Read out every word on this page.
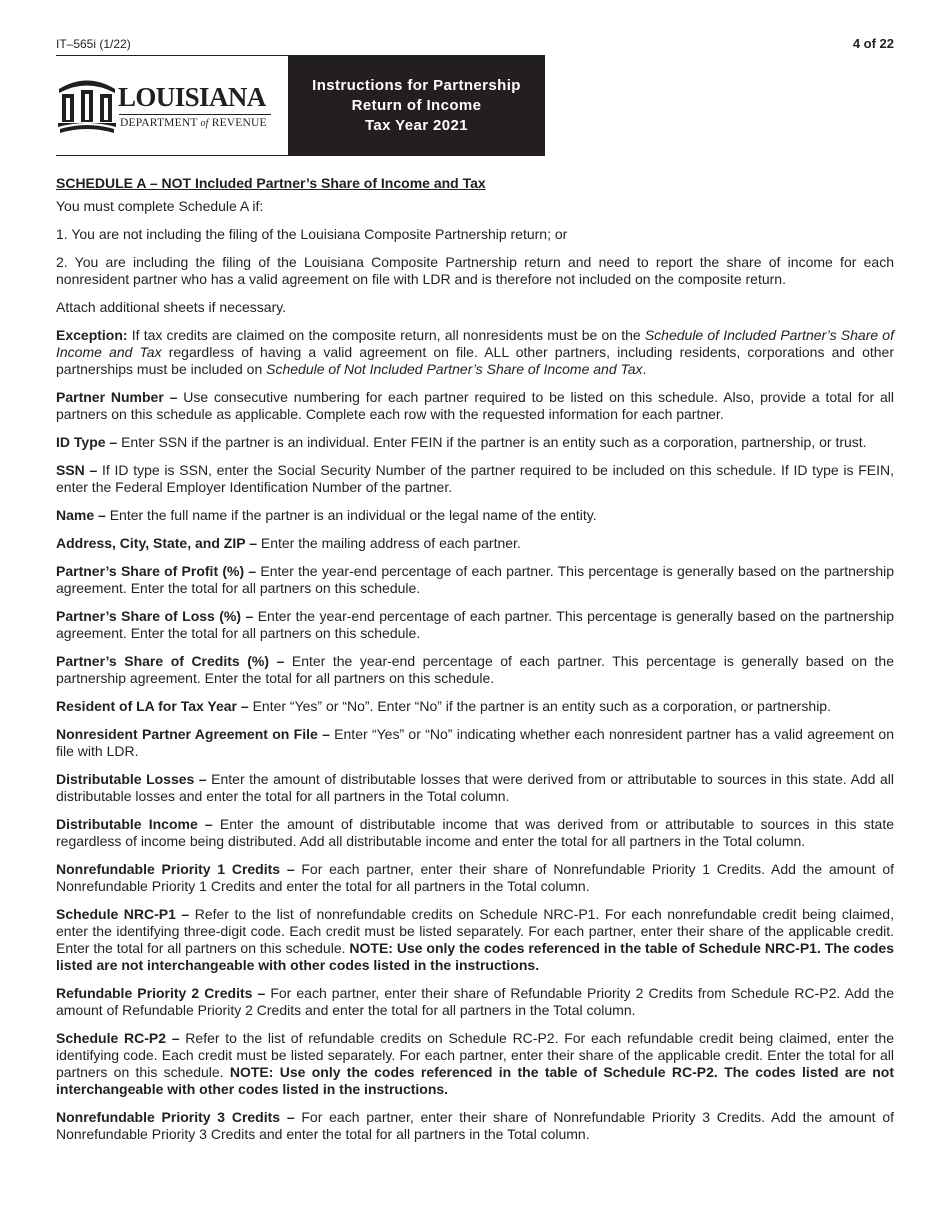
IT–565i (1/22)	4 of 22
LOUISIANA
DEPARTMENT of REVENUE
Instructions for Partnership
Return of Income
Tax Year 2021
SCHEDULE A – NOT Included Partner’s Share of Income and Tax

You must complete Schedule A if:

1. You are not including the filing of the Louisiana Composite Partnership return; or

2. You are including the filing of the Louisiana Composite Partnership return and need to report the share of income for each nonresident partner who has a valid agreement on file with LDR and is therefore not included on the composite return.

Attach additional sheets if necessary.

Exception: If tax credits are claimed on the composite return, all nonresidents must be on the Schedule of Included Partner’s Share of Income and Tax regardless of having a valid agreement on file. ALL other partners, including residents, corporations and other partnerships must be included on Schedule of Not Included Partner’s Share of Income and Tax.

Partner Number – Use consecutive numbering for each partner required to be listed on this schedule. Also, provide a total for all partners on this schedule as applicable. Complete each row with the requested information for each partner.

ID Type – Enter SSN if the partner is an individual. Enter FEIN if the partner is an entity such as a corporation, partnership, or trust.

SSN – If ID type is SSN, enter the Social Security Number of the partner required to be included on this schedule. If ID type is FEIN, enter the Federal Employer Identification Number of the partner.

Name – Enter the full name if the partner is an individual or the legal name of the entity.

Address, City, State, and ZIP – Enter the mailing address of each partner.

Partner’s Share of Profit (%) – Enter the year-end percentage of each partner. This percentage is generally based on the partnership agreement. Enter the total for all partners on this schedule.

Partner’s Share of Loss (%) – Enter the year-end percentage of each partner. This percentage is generally based on the partnership agreement. Enter the total for all partners on this schedule.

Partner’s Share of Credits (%) – Enter the year-end percentage of each partner. This percentage is generally based on the partnership agreement. Enter the total for all partners on this schedule.

Resident of LA for Tax Year – Enter “Yes” or “No”. Enter “No” if the partner is an entity such as a corporation, or partnership.

Nonresident Partner Agreement on File – Enter “Yes” or “No” indicating whether each nonresident partner has a valid agreement on file with LDR.

Distributable Losses – Enter the amount of distributable losses that were derived from or attributable to sources in this state. Add all distributable losses and enter the total for all partners in the Total column.

Distributable Income – Enter the amount of distributable income that was derived from or attributable to sources in this state regardless of income being distributed. Add all distributable income and enter the total for all partners in the Total column.

Nonrefundable Priority 1 Credits – For each partner, enter their share of Nonrefundable Priority 1 Credits. Add the amount of Nonrefundable Priority 1 Credits and enter the total for all partners in the Total column.

Schedule NRC-P1 – Refer to the list of nonrefundable credits on Schedule NRC-P1. For each nonrefundable credit being claimed, enter the identifying three-digit code. Each credit must be listed separately. For each partner, enter their share of the applicable credit. Enter the total for all partners on this schedule. NOTE: Use only the codes referenced in the table of Schedule NRC-P1. The codes listed are not interchangeable with other codes listed in the instructions.

Refundable Priority 2 Credits – For each partner, enter their share of Refundable Priority 2 Credits from Schedule RC-P2. Add the amount of Refundable Priority 2 Credits and enter the total for all partners in the Total column.

Schedule RC-P2 – Refer to the list of refundable credits on Schedule RC-P2. For each refundable credit being claimed, enter the identifying code. Each credit must be listed separately. For each partner, enter their share of the applicable credit. Enter the total for all partners on this schedule. NOTE: Use only the codes referenced in the table of Schedule RC-P2. The codes listed are not interchangeable with other codes listed in the instructions.

Nonrefundable Priority 3 Credits – For each partner, enter their share of Nonrefundable Priority 3 Credits. Add the amount of Nonrefundable Priority 3 Credits and enter the total for all partners in the Total column.
